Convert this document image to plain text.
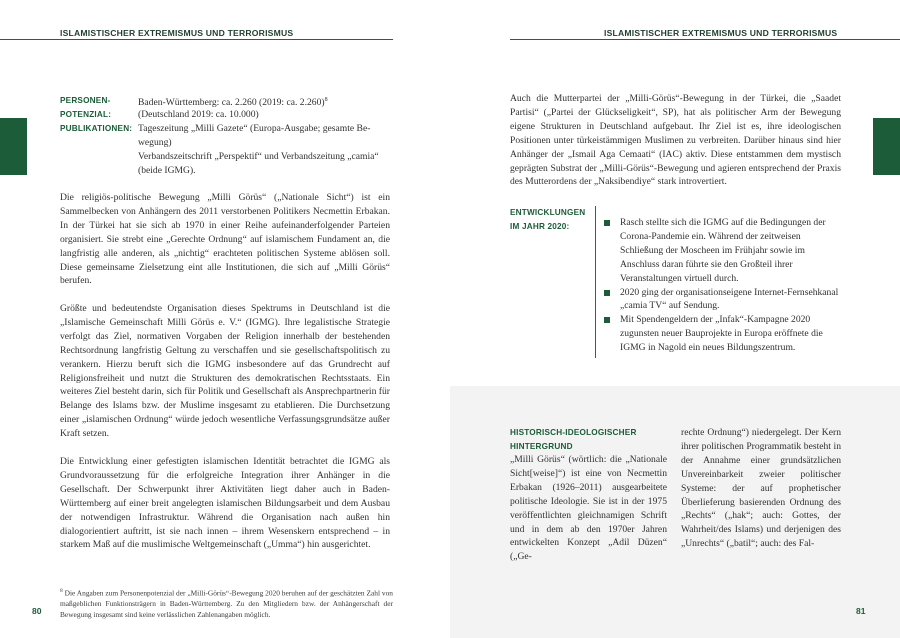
ISLAMISTISCHER EXTREMISMUS UND TERRORISMUS	ISLAMISTISCHER EXTREMISMUS UND TERRORISMUS
PERSONEN-	Baden-Württemberg: ca. 2.260 (2019: ca. 2.260)$^8$
POTENZIAL:	(Deutschland 2019: ca. 10.000)
PUBLIKATIONEN: Tageszeitung „Milli Gazete“ (Europa-Ausgabe; gesamte Be-
wegung)
Verbandszeitschrift „Perspektif“ und Verbandszeitung „camia“
(beide IGMG).

Die religiös-politische Bewegung „Milli Görüs“ („Nationale Sicht“) ist ein Sammelbecken von Anhängern des 2011 verstorbenen Politikers Necmettin Erbakan. In der Türkei hat sie sich ab 1970 in einer Reihe aufeinanderfolgender Parteien organisiert. Sie strebt eine „Gerechte Ordnung“ auf islamischem Fundament an, die langfristig alle anderen, als „nichtig“ erachteten politischen Systeme ablösen soll. Diese gemeinsame Zielsetzung eint alle Institutionen, die sich auf „Milli Görüs“ berufen.

Größte und bedeutendste Organisation dieses Spektrums in Deutschland ist die „Islamische Gemeinschaft Milli Görüs e. V.“ (IGMG). Ihre legalistische Strategie verfolgt das Ziel, normativen Vorgaben der Religion innerhalb der bestehenden Rechtsordnung langfristig Geltung zu verschaffen und sie gesellschaftspolitisch zu verankern. Hierzu beruft sich die IGMG insbesondere auf das Grundrecht auf Religionsfreiheit und nutzt die Strukturen des demokratischen Rechtsstaats. Ein weiteres Ziel besteht darin, sich für Politik und Gesellschaft als Ansprechpartnerin für Belange des Islams bzw. der Muslime insgesamt zu etablieren. Die Durchsetzung einer „islamischen Ordnung“ würde jedoch wesentliche Verfassungsgrundsätze außer Kraft setzen.

Die Entwicklung einer gefestigten islamischen Identität betrachtet die IGMG als Grundvoraussetzung für die erfolgreiche Integration ihrer Anhänger in die Gesellschaft. Der Schwerpunkt ihrer Aktivitäten liegt daher auch in Baden-Württemberg auf einer breit angelegten islamischen Bildungsarbeit und dem Ausbau der notwendigen Infrastruktur. Während die Organisation nach außen hin dialogorientiert auftritt, ist sie nach innen – ihrem Wesenskern entsprechend – in starkem Maß auf die muslimische Weltgemeinschaft („Umma“) hin ausgerichtet.

$^8$ Die Angaben zum Personenpotenzial der „Milli-Görüs“-Bewegung 2020 beruhen auf der geschätzten Zahl von maßgeblichen Funktionsträgern in Baden-Württemberg. Zu den Mitgliedern bzw. der Anhängerschaft der Bewegung insgesamt sind keine verlässlichen Zahlenangaben möglich.
80

Auch die Mutterpartei der „Milli-Görüs“-Bewegung in der Türkei, die „Saadet Partisi“ („Partei der Glückseligkeit“, SP), hat als politischer Arm der Bewegung eigene Strukturen in Deutschland aufgebaut. Ihr Ziel ist es, ihre ideologischen Positionen unter türkeistämmigen Muslimen zu verbreiten. Darüber hinaus sind hier Anhänger der „Ismail Aga Cemaati“ (IAC) aktiv. Diese entstammen dem mystisch geprägten Substrat der „Milli-Görüs“-Bewegung und agieren entsprechend der Praxis des Mutterordens der „Naksibendiye“ stark introvertiert.

ENTWICKLUNGEN
IM JAHR 2020:	Rasch stellte sich die IGMG auf die Bedingungen der Corona-Pandemie ein. Während der zeitweisen Schließung der Moscheen im Frühjahr sowie im Anschluss daran führte sie den Großteil ihrer Veranstaltungen virtuell durch.
2020 ging der organisationseigene Internet-Fernsehkanal „camia TV“ auf Sendung.
Mit Spendengeldern der „Infak“-Kampagne 2020 zugunsten neuer Bauprojekte in Europa eröffnete die IGMG in Nagold ein neues Bildungszentrum.
HISTORISCH-IDEOLOGISCHER
HINTERGRUND

„Milli Görüs“ (wörtlich: die „Nationale Sicht[weise]“) ist eine von Necmettin Erbakan (1926–2011) ausgearbeitete politische Ideologie. Sie ist in der 1975 veröffentlichten gleichnamigen Schrift und in dem ab den 1970er Jahren entwickelten Konzept „Adil Düzen“ („Ge-

rechte Ordnung“) niedergelegt. Der Kern ihrer politischen Programmatik besteht in der Annahme einer grundsätzlichen Unvereinbarkeit zweier politischer Systeme: der auf prophetischer Überlieferung basierenden Ordnung des „Rechts“ („hak“; auch: Gottes, der Wahrheit/des Islams) und derjenigen des „Unrechts“ („batil“; auch: des Fal-

81
